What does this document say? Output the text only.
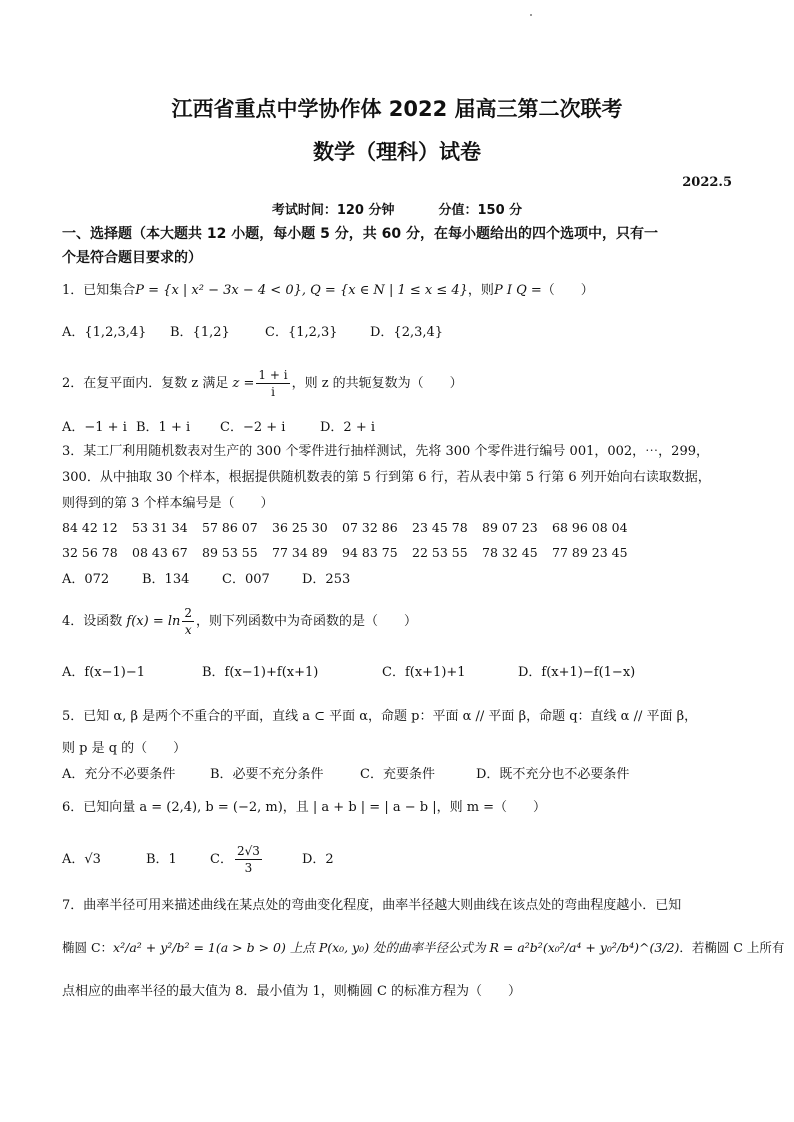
江西省重点中学协作体 2022 届高三第二次联考
数学（理科）试卷
2022.5
考试时间：120 分钟	分值：150 分
一、选择题（本大题共 12 小题，每小题 5 分，共 60 分，在每小题给出的四个选项中，只有一
个是符合题目要求的）
1．已知集合P = {x | x² − 3x − 4 < 0}, Q = {x ∈ N | 1 ≤ x ≤ 4}，则P I Q =（　　）
A．{1,2,3,4} B．{1,2}	C．{1,2,3} D．{2,3,4}
2．在复平面内．复数 z 满足 $z = \frac{1 + i}{i}$ ，则 z 的共轭复数为（　　）
A．−1 + i B．1 + i C．−2 + i	D．2 + i
3．某工厂利用随机数表对生产的 300 个零件进行抽样测试，先将 300 个零件进行编号 001，002，⋯，299，
300．从中抽取 30 个样本，根据提供随机数表的第 5 行到第 6 行，若从表中第 5 行第 6 列开始向右读取数据，
则得到的第 3 个样本编号是（　　）
84 42 12 53 31 34 57 86 07 36 25 30 07 32 86 23 45 78 89 07 23 68 96 08 04
32 56 78 08 43 67 89 53 55 77 34 89 94 83 75 22 53 55 78 32 45 77 89 23 45
A．072	B．134	C．007 D．253
4．设函数 $f(x) = \ln \frac{2}{x}$ ，则下列函数中为奇函数的是（　　）
A．f(x−1)−1	B．f(x−1)+f(x+1)	C．f(x+1)+1	D．f(x+1)−f(1−x)
5．已知 α, β 是两个不重合的平面，直线 a ⊂ 平面 α，命题 p：平面 α // 平面 β，命题 q：直线 α // 平面 β，
则 p 是 q 的（　　）
A．充分不必要条件	B．必要不充分条件	C．充要条件	D．既不充分也不必要条件
6．已知向量 a = (2,4), b = (−2, m)，且 | a + b | = | a − b |，则 m =（　　）
A．√3	B．1	C． $\frac{2√3}{3}$	D．2
7．曲率半径可用来描述曲线在某点处的弯曲变化程度，曲率半径越大则曲线在该点处的弯曲程度越小．已知
椭圆 C：x²/a² + y²/b² = 1(a > b > 0) 上点 P(x₀, y₀) 处的曲率半径公式为 R = a²b²(x₀²/a⁴ + y₀²/b⁴)^(3/2)．若椭圆 C 上所有
点相应的曲率半径的最大值为 8．最小值为 1，则椭圆 C 的标准方程为（　　）
